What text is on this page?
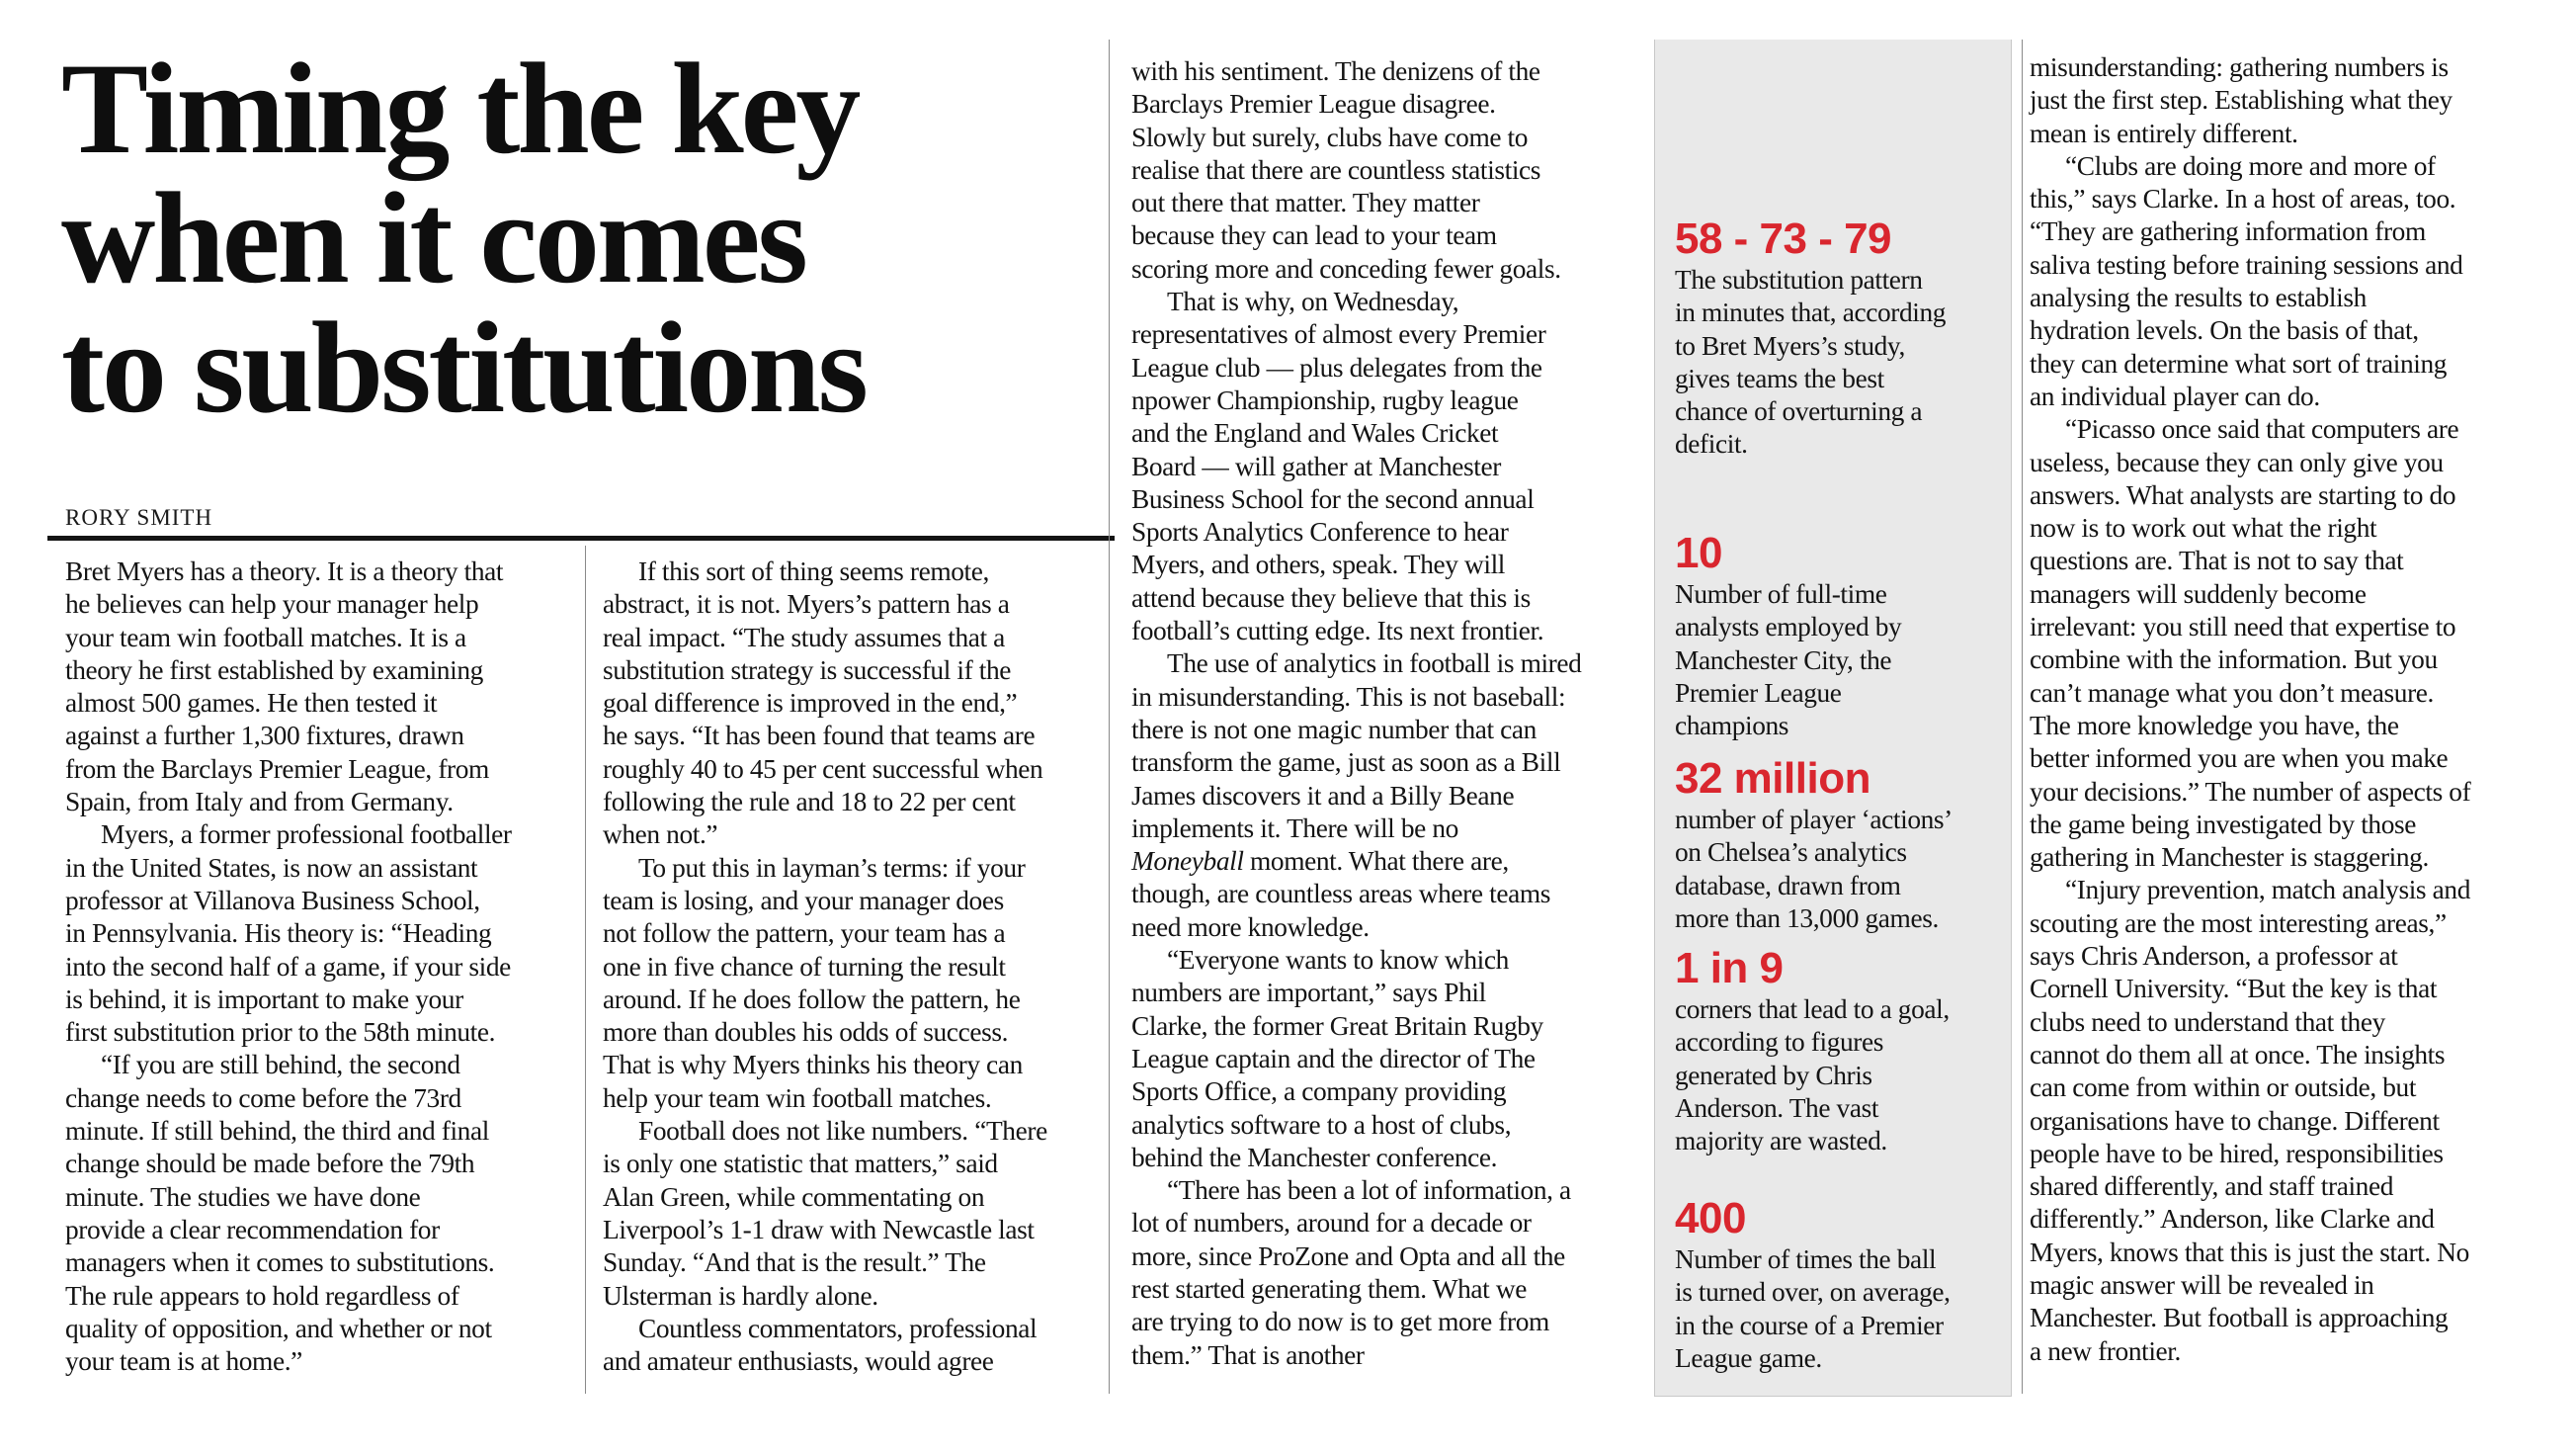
Timing the key
when it comes
to substitutions
RORY SMITH

Bret Myers has a theory. It is a theory that

he believes can help your manager help

your team win football matches. It is a

theory he first established by examining

almost 500 games. He then tested it

against a further 1,300 fixtures, drawn

from the Barclays Premier League, from

Spain, from Italy and from Germany.

Myers, a former professional footballer

in the United States, is now an assistant

professor at Villanova Business School,

in Pennsylvania. His theory is: “Heading

into the second half of a game, if your side

is behind, it is important to make your

first substitution prior to the 58th minute.

“If you are still behind, the second

change needs to come before the 73rd

minute. If still behind, the third and final

change should be made before the 79th

minute. The studies we have done

provide a clear recommendation for

managers when it comes to substitutions.

The rule appears to hold regardless of

quality of opposition, and whether or not

your team is at home.”

If this sort of thing seems remote,

abstract, it is not. Myers’s pattern has a

real impact. “The study assumes that a

substitution strategy is successful if the

goal difference is improved in the end,”

he says. “It has been found that teams are

roughly 40 to 45 per cent successful when

following the rule and 18 to 22 per cent

when not.”

To put this in layman’s terms: if your

team is losing, and your manager does

not follow the pattern, your team has a

one in five chance of turning the result

around. If he does follow the pattern, he

more than doubles his odds of success.

That is why Myers thinks his theory can

help your team win football matches.

Football does not like numbers. “There

is only one statistic that matters,” said

Alan Green, while commentating on

Liverpool’s 1-1 draw with Newcastle last

Sunday. “And that is the result.” The

Ulsterman is hardly alone.

Countless commentators, professional

and amateur enthusiasts, would agree

with his sentiment. The denizens of the

Barclays Premier League disagree.

Slowly but surely, clubs have come to

realise that there are countless statistics

out there that matter. They matter

because they can lead to your team

scoring more and conceding fewer goals.

That is why, on Wednesday,

representatives of almost every Premier

League club — plus delegates from the

npower Championship, rugby league

and the England and Wales Cricket

Board — will gather at Manchester

Business School for the second annual

Sports Analytics Conference to hear

Myers, and others, speak. They will

attend because they believe that this is

football’s cutting edge. Its next frontier.

The use of analytics in football is mired

in misunderstanding. This is not baseball:

there is not one magic number that can

transform the game, just as soon as a Bill

James discovers it and a Billy Beane

implements it. There will be no

Moneyball moment. What there are,

though, are countless areas where teams

need more knowledge.

“Everyone wants to know which

numbers are important,” says Phil

Clarke, the former Great Britain Rugby

League captain and the director of The

Sports Office, a company providing

analytics software to a host of clubs,

behind the Manchester conference.

“There has been a lot of information, a

lot of numbers, around for a decade or

more, since ProZone and Opta and all the

rest started generating them. What we

are trying to do now is to get more from

them.” That is another

misunderstanding: gathering numbers is

just the first step. Establishing what they

mean is entirely different.

“Clubs are doing more and more of

this,” says Clarke. In a host of areas, too.

“They are gathering information from

saliva testing before training sessions and

analysing the results to establish

hydration levels. On the basis of that,

they can determine what sort of training

an individual player can do.

“Picasso once said that computers are

useless, because they can only give you

answers. What analysts are starting to do

now is to work out what the right

questions are. That is not to say that

managers will suddenly become

irrelevant: you still need that expertise to

combine with the information. But you

can’t manage what you don’t measure.

The more knowledge you have, the

better informed you are when you make

your decisions.” The number of aspects of

the game being investigated by those

gathering in Manchester is staggering.

“Injury prevention, match analysis and

scouting are the most interesting areas,”

says Chris Anderson, a professor at

Cornell University. “But the key is that

clubs need to understand that they

cannot do them all at once. The insights

can come from within or outside, but

organisations have to change. Different

people have to be hired, responsibilities

shared differently, and staff trained

differently.” Anderson, like Clarke and

Myers, knows that this is just the start. No

magic answer will be revealed in

Manchester. But football is approaching

a new frontier.

58 - 73 - 79
The substitution pattern
in minutes that, according
to Bret Myers’s study,
gives teams the best
chance of overturning a
deficit.
10
Number of full-time
analysts employed by
Manchester City, the
Premier League
champions
32 million
number of player ‘actions’
on Chelsea’s analytics
database, drawn from
more than 13,000 games.
1 in 9
corners that lead to a goal,
according to figures
generated by Chris
Anderson. The vast
majority are wasted.
400
Number of times the ball
is turned over, on average,
in the course of a Premier
League game.
